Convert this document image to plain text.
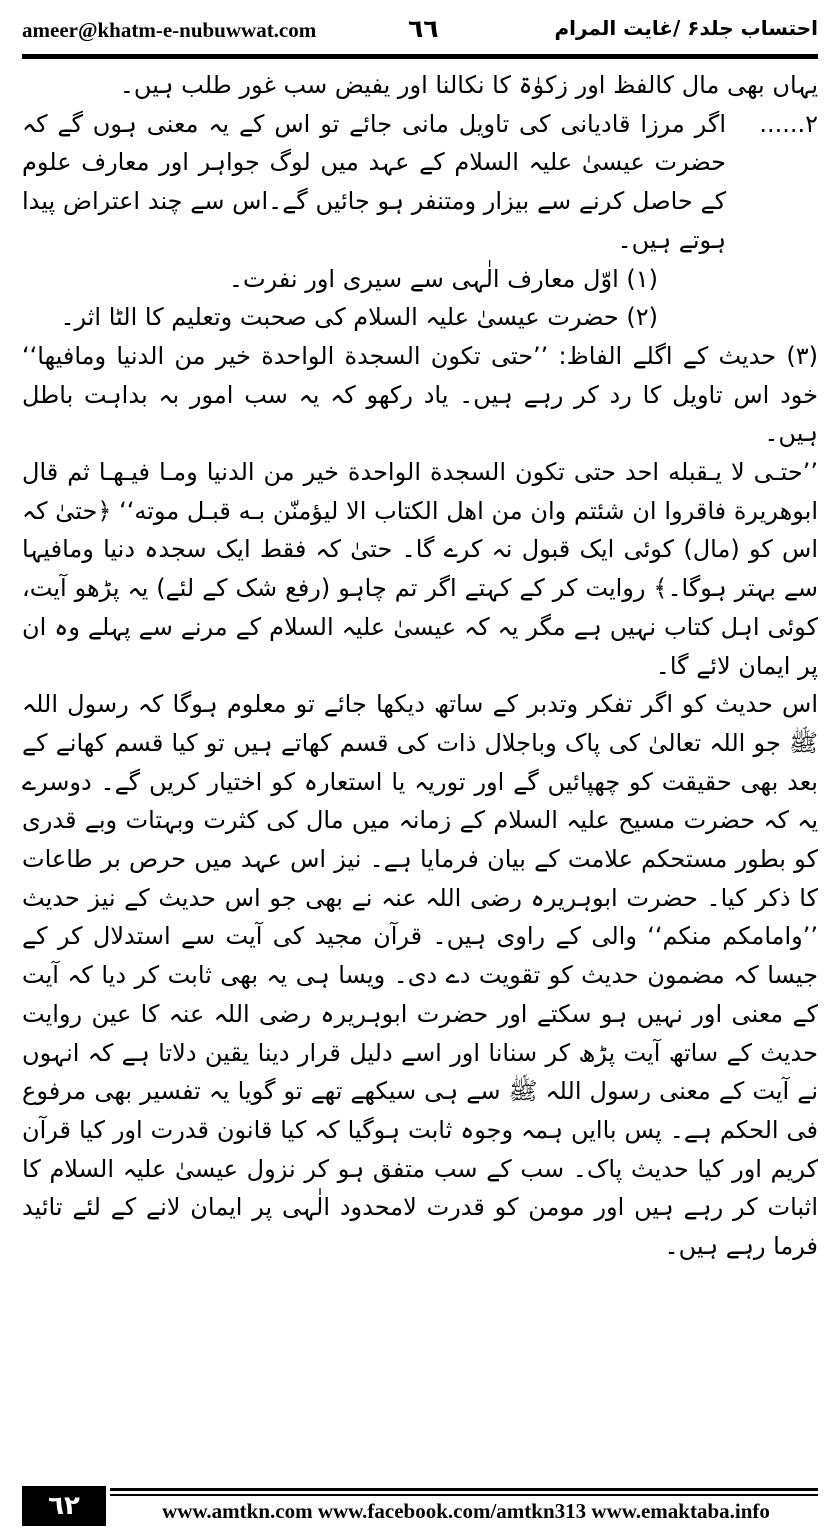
ameer@khatm-e-nubuwwat.com	٦٦	احتساب جلد۶ /غایت المرام

یہاں بھی مال کالفظ اور زکوٰۃ کا نکالنا اور یفیض سب غور طلب ہیں۔

۲......
اگر مرزا قادیانی کی تاویل مانی جائے تو اس کے یہ معنی ہوں گے کہ حضرت عیسیٰ علیہ السلام کے عہد میں لوگ جواہر اور معارف علوم کے حاصل کرنے سے بیزار ومتنفر ہو جائیں گے۔اس سے چند اعتراض پیدا ہوتے ہیں۔

(۱) اوّل معارف الٰہی سے سیری اور نفرت۔

(۲) حضرت عیسیٰ علیہ السلام کی صحبت وتعلیم کا الٹا اثر۔

(۳) حدیث کے اگلے الفاظ: ’’حتی تکون السجدة الواحدة خیر من الدنیا ومافیھا‘‘ خود اس تاویل کا رد کر رہے ہیں۔ یاد رکھو کہ یہ سب امور بہ بداہت باطل ہیں۔

’’حتـی لا یـقبله احد حتی تکون السجدة الواحدة خیر من الدنیا ومـا فیـهـا ثم قال ابوهریرة فاقروا ان شئتم وان من اهل الکتاب الا لیؤمنّن بـه قبـل موته‘‘ ﴿حتیٰ کہ اس کو (مال) کوئی ایک قبول نہ کرے گا۔ حتیٰ کہ فقط ایک سجدہ دنیا ومافیہا سے بہتر ہوگا۔﴾ روایت کر کے کہتے اگر تم چاہو (رفع شک کے لئے) یہ پڑھو آیت، کوئی اہل کتاب نہیں ہے مگر یہ کہ عیسیٰ علیہ السلام کے مرنے سے پہلے وہ ان پر ایمان لائے گا۔

اس حدیث کو اگر تفکر وتدبر کے ساتھ دیکھا جائے تو معلوم ہوگا کہ رسول اللہ ﷺ جو اللہ تعالیٰ کی پاک وباجلال ذات کی قسم کھاتے ہیں تو کیا قسم کھانے کے بعد بھی حقیقت کو چھپائیں گے اور توریہ یا استعارہ کو اختیار کریں گے۔ دوسرے یہ کہ حضرت مسیح علیہ السلام کے زمانہ میں مال کی کثرت وبہتات وبے قدری کو بطور مستحکم علامت کے بیان فرمایا ہے۔ نیز اس عہد میں حرص بر طاعات کا ذکر کیا۔ حضرت ابوہریرہ رضی اللہ عنہ نے بھی جو اس حدیث کے نیز حدیث ’’وامامکم منکم‘‘ والی کے راوی ہیں۔ قرآن مجید کی آیت سے استدلال کر کے جیسا کہ مضمون حدیث کو تقویت دے دی۔ ویسا ہی یہ بھی ثابت کر دیا کہ آیت کے معنی اور نہیں ہو سکتے اور حضرت ابوہریرہ رضی اللہ عنہ کا عین روایت حدیث کے ساتھ آیت پڑھ کر سنانا اور اسے دلیل قرار دینا یقین دلاتا ہے کہ انہوں نے آیت کے معنی رسول اللہ ﷺ سے ہی سیکھے تھے تو گویا یہ تفسیر بھی مرفوع فی الحکم ہے۔ پس باایں ہمہ وجوہ ثابت ہوگیا کہ کیا قانون قدرت اور کیا قرآن کریم اور کیا حدیث پاک۔ سب کے سب متفق ہو کر نزول عیسیٰ علیہ السلام کا اثبات کر رہے ہیں اور مومن کو قدرت لامحدود الٰہی پر ایمان لانے کے لئے تائید فرما رہے ہیں۔

٦٢	www.amtkn.com www.facebook.com/amtkn313 www.emaktaba.info
